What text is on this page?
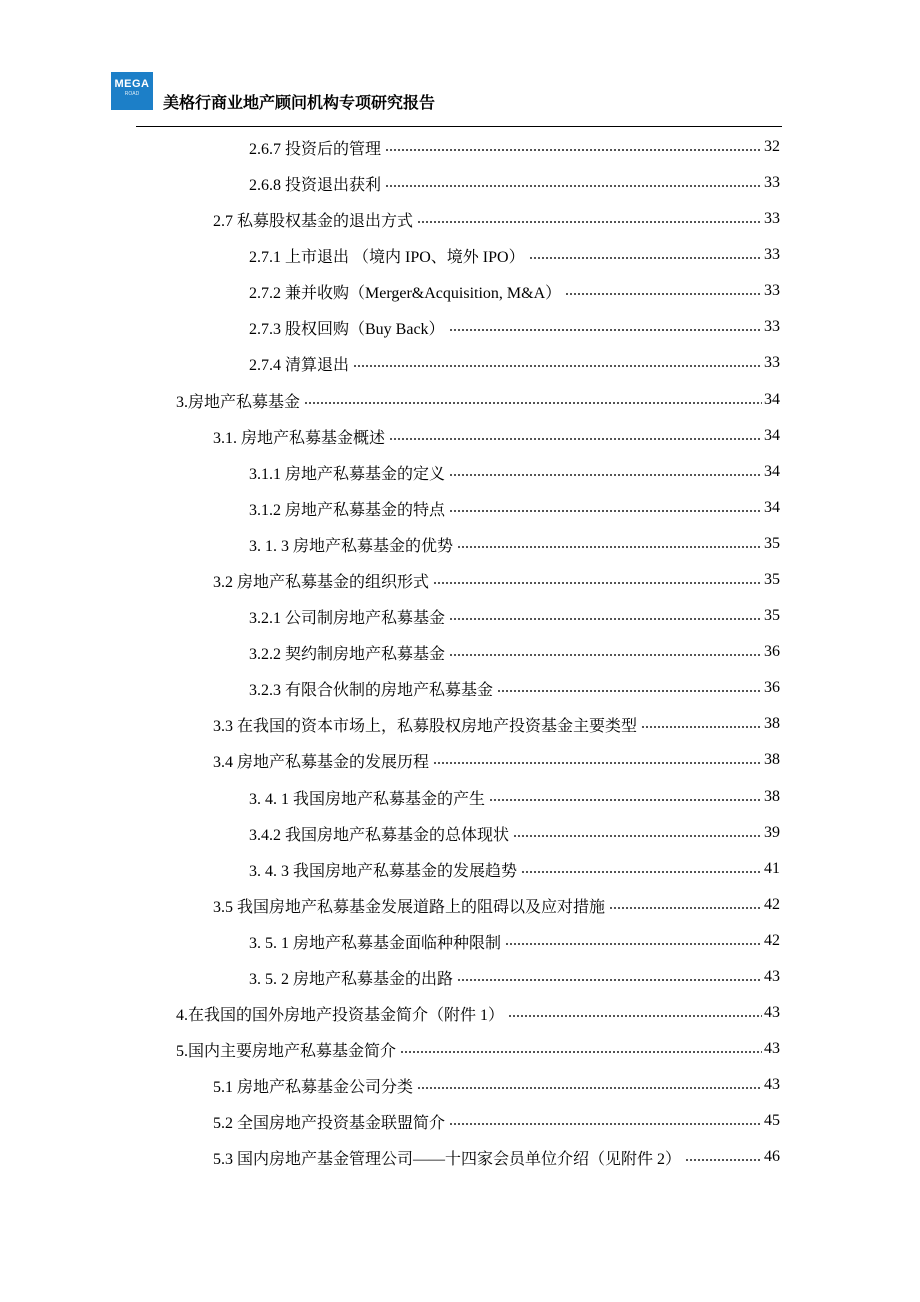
MEGA
ROAD	美格行商业地产顾问机构专项研究报告
2.6.7 投资后的管理	32
2.6.8 投资退出获利	33
2.7 私募股权基金的退出方式	33
2.7.1 上市退出 （境内 IPO、境外 IPO）	33
2.7.2 兼并收购（Merger&Acquisition, M&A）	33
2.7.3 股权回购（Buy Back）	33
2.7.4 清算退出	33
3.房地产私募基金	34
3.1. 房地产私募基金概述	34
3.1.1 房地产私募基金的定义	34
3.1.2 房地产私募基金的特点	34
3. 1. 3 房地产私募基金的优势	35
3.2 房地产私募基金的组织形式	35
3.2.1 公司制房地产私募基金	35
3.2.2 契约制房地产私募基金	36
3.2.3 有限合伙制的房地产私募基金	36
3.3 在我国的资本市场上，私募股权房地产投资基金主要类型	38
3.4 房地产私募基金的发展历程	38
3. 4. 1 我国房地产私募基金的产生	38
3.4.2 我国房地产私募基金的总体现状	39
3. 4. 3 我国房地产私募基金的发展趋势	41
3.5 我国房地产私募基金发展道路上的阻碍以及应对措施	42
3. 5. 1 房地产私募基金面临种种限制	42
3. 5. 2 房地产私募基金的出路	43
4.在我国的国外房地产投资基金简介（附件 1）	43
5.国内主要房地产私募基金简介	43
5.1 房地产私募基金公司分类	43
5.2 全国房地产投资基金联盟简介	45
5.3 国内房地产基金管理公司——十四家会员单位介绍（见附件 2）	46
